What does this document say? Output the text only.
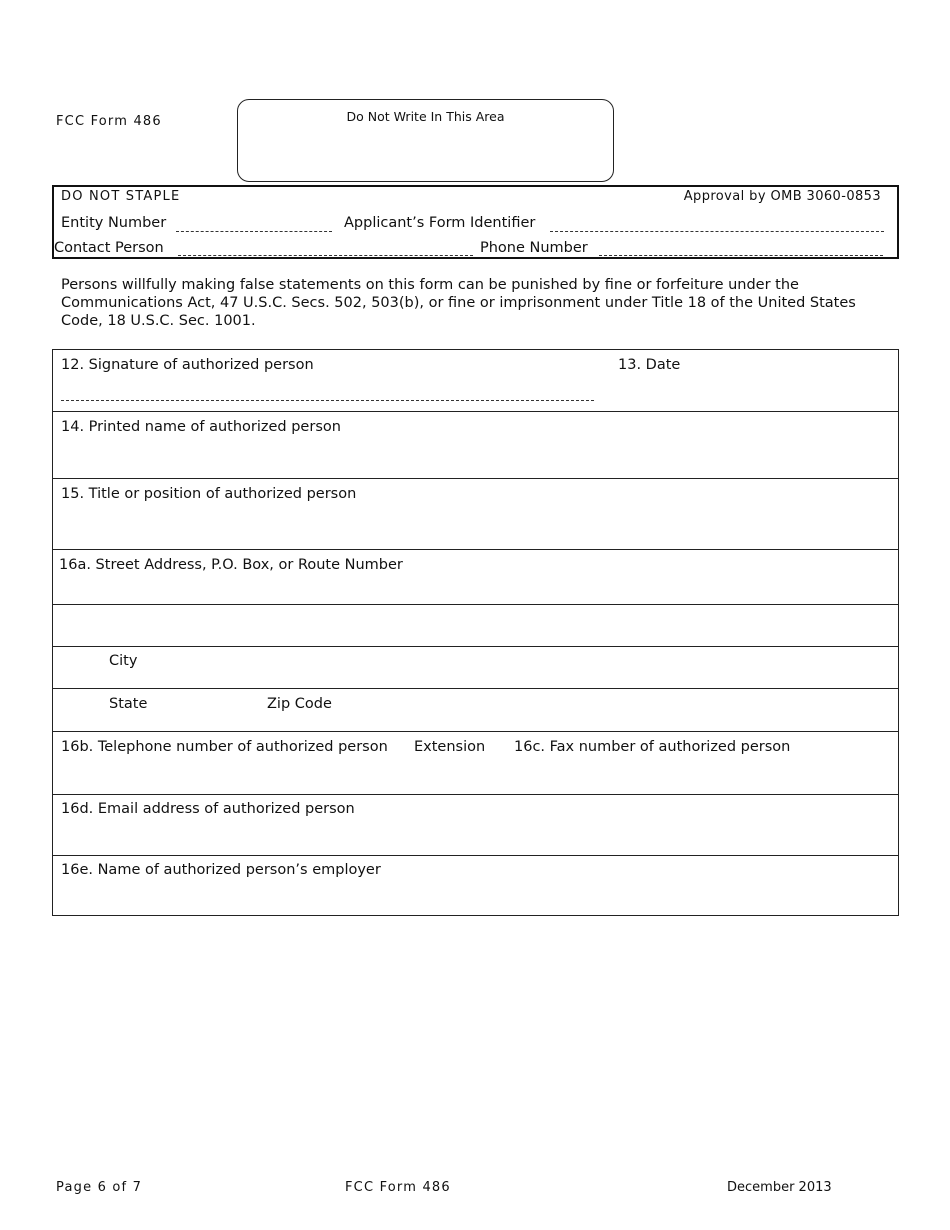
FCC Form 486	Do Not Write In This Area
DO NOT STAPLE	Approval by OMB 3060-0853
Entity Number	Applicant’s Form Identifier
Contact Person	Phone Number
Persons willfully making false statements on this form can be punished by fine or forfeiture under the Communications Act, 47 U.S.C. Secs. 502, 503(b), or fine or imprisonment under Title 18 of the United States Code, 18 U.S.C. Sec. 1001.
12. Signature of authorized person	13. Date
14. Printed name of authorized person
15. Title or position of authorized person
16a. Street Address, P.O. Box, or Route Number
City
State	Zip Code
16b. Telephone number of authorized person Extension 16c. Fax number of authorized person
16d. Email address of authorized person
16e. Name of authorized person’s employer
Page 6 of 7	FCC Form 486	December 2013
